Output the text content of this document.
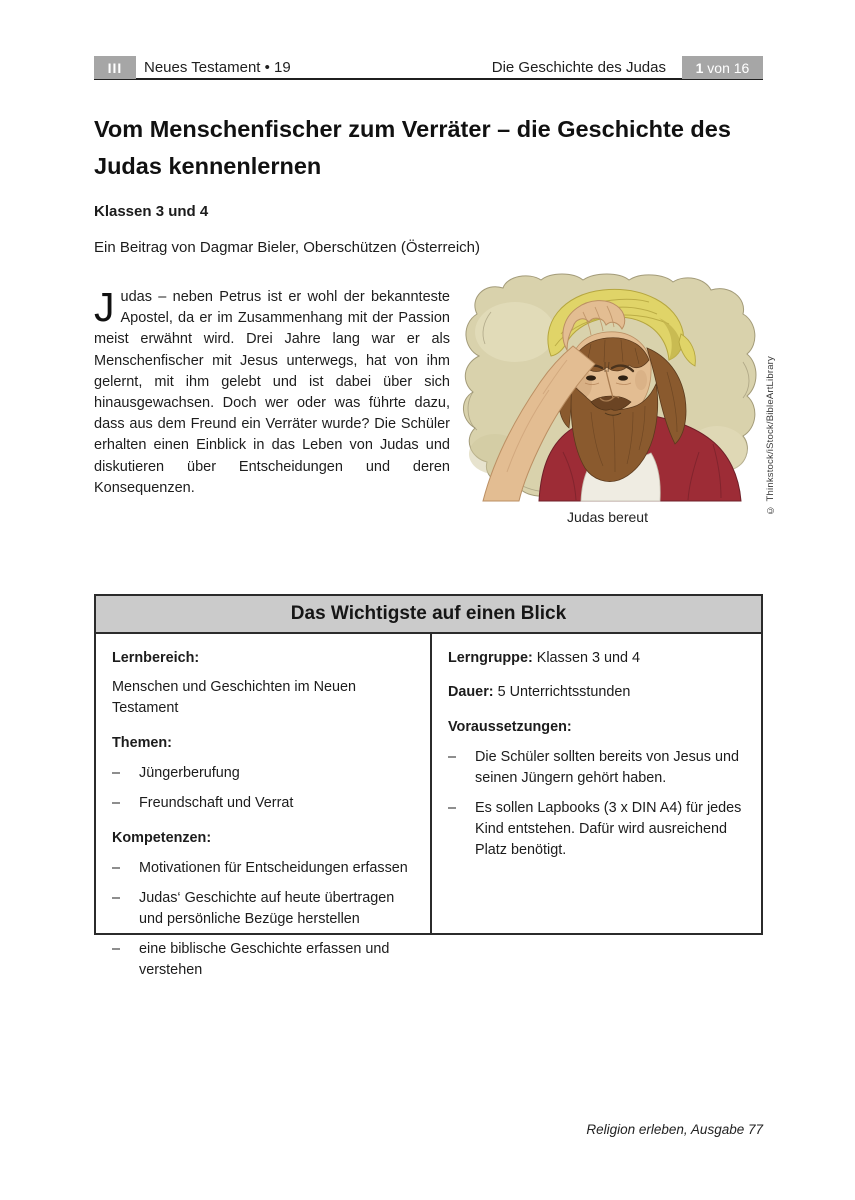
III	Neues Testament • 19	Die Geschichte des Judas 1 von 16
Vom Menschenfischer zum Verräter – die Geschichte des
Judas kennenlernen
Klassen 3 und 4
Ein Beitrag von Dagmar Bieler, Oberschützen (Österreich)

Judas – neben Petrus ist er wohl der bekannteste Apostel, da er im Zusammenhang mit der Passion meist erwähnt wird. Drei Jahre lang war er als Menschenfischer mit Jesus unterwegs, hat von ihm gelernt, mit ihm gelebt und ist dabei über sich hinausgewachsen. Doch wer oder was führte dazu, dass aus dem Freund ein Verräter wurde? Die Schüler erhalten einen Einblick in das Leben von Judas und diskutieren über Entscheidungen und deren Konsequenzen.

Judas bereut
© Thinkstock/iStock/BibleArtLibrary
Das Wichtigste auf einen Blick

Lernbereich:

Menschen und Geschichten im Neuen Testament

Themen:

–	Jüngerberufung
–	Freundschaft und Verrat

Kompetenzen:

–	Motivationen für Entscheidungen erfassen
–	Judas‘ Geschichte auf heute übertragen und persönliche Bezüge herstellen
–	eine biblische Geschichte erfassen und verstehen

Lerngruppe: Klassen 3 und 4

Dauer: 5 Unterrichtsstunden

Voraussetzungen:

–	Die Schüler sollten bereits von Jesus und seinen Jüngern gehört haben.
–	Es sollen Lapbooks (3 x DIN A4) für jedes Kind entstehen. Dafür wird ausreichend Platz benötigt.
Religion erleben, Ausgabe 77
